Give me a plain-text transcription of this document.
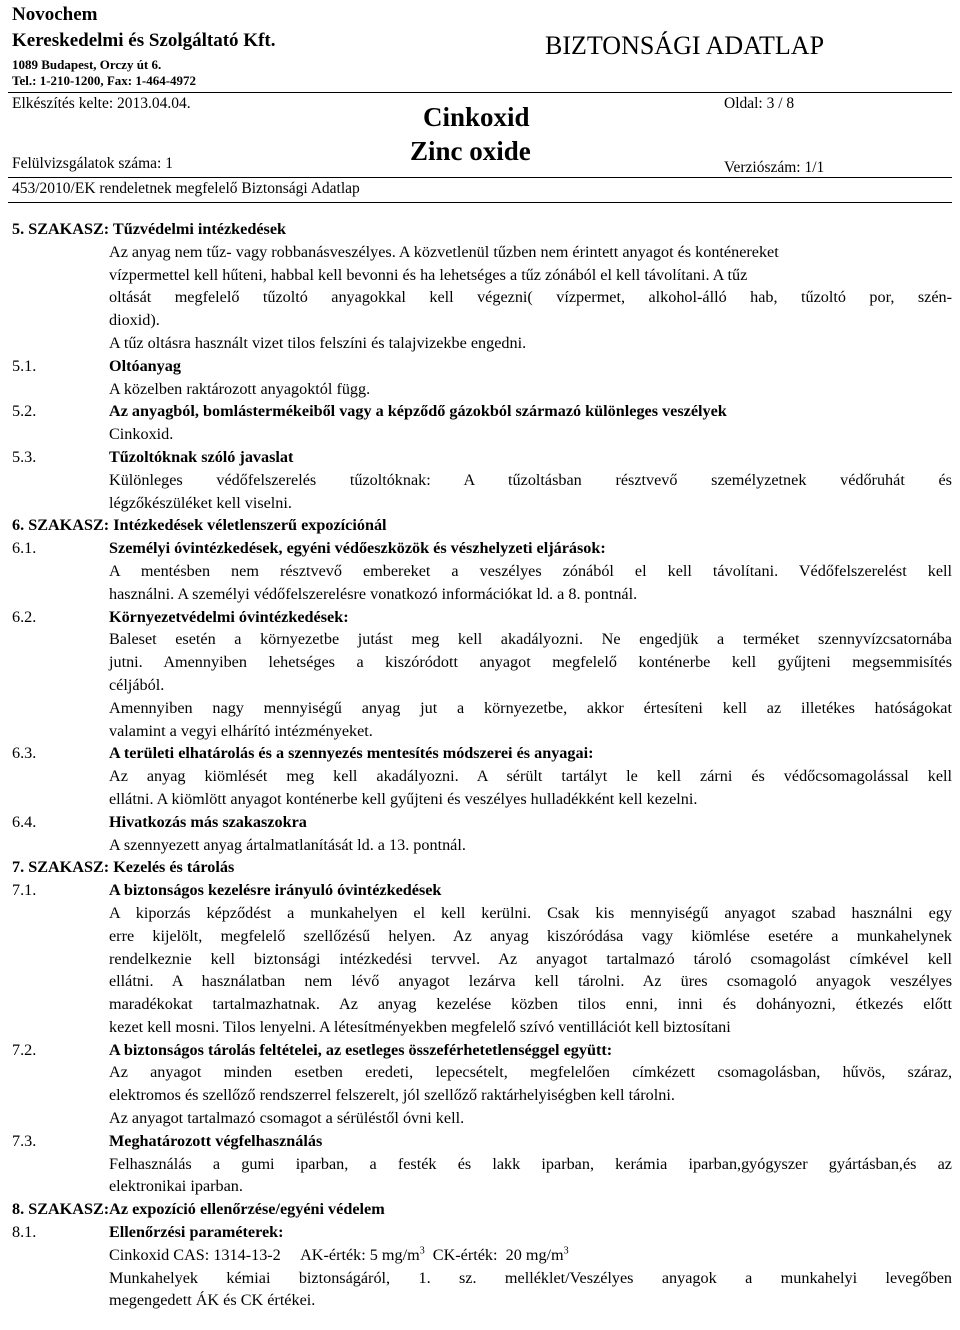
Novochem
Kereskedelmi és Szolgáltató Kft.
1089 Budapest, Orczy út 6.
Tel.: 1-210-1200, Fax: 1-464-4972
BIZTONSÁGI ADATLAP
Elkészítés kelte: 2013.04.04.	Cinkoxid	Oldal: 3 / 8
Felülvizsgálatok száma: 1	Zinc oxide
Verziószám: 1/1
453/2010/EK rendeletnek megfelelő Biztonsági Adatlap
5. SZAKASZ: Tűzvédelmi intézkedések
Az anyag nem tűz- vagy robbanásveszélyes. A közvetlenül tűzben nem érintett anyagot és konténereket
vízpermettel kell hűteni, habbal kell bevonni és ha lehetséges a tűz zónából el kell távolítani. A tűz
oltását megfelelő tűzoltó anyagokkal kell végezni( vízpermet, alkohol-álló hab, tűzoltó por, szén-
dioxid).
A tűz oltásra használt vizet tilos felszíni és talajvizekbe engedni.
5.1.	Oltóanyag
A közelben raktározott anyagoktól függ.
5.2.	Az anyagból, bomlástermékeiből vagy a képződő gázokból származó különleges veszélyek
Cinkoxid.
5.3.	Tűzoltóknak szóló javaslat
Különleges védőfelszerelés tűzoltóknak: A tűzoltásban résztvevő személyzetnek védőruhát és
légzőkészüléket kell viselni.
6. SZAKASZ: Intézkedések véletlenszerű expozíciónál
6.1.	Személyi óvintézkedések, egyéni védőeszközök és vészhelyzeti eljárások:
A mentésben nem résztvevő embereket a veszélyes zónából el kell távolítani. Védőfelszerelést kell
használni. A személyi védőfelszerelésre vonatkozó információkat ld. a 8. pontnál.
6.2.	Környezetvédelmi óvintézkedések:
Baleset esetén a környezetbe jutást meg kell akadályozni. Ne engedjük a terméket szennyvízcsatornába
jutni. Amennyiben lehetséges a kiszóródott anyagot megfelelő konténerbe kell gyűjteni megsemmisítés
céljából.
Amennyiben nagy mennyiségű anyag jut a környezetbe, akkor értesíteni kell az illetékes hatóságokat
valamint a vegyi elhárító intézményeket.
6.3.	A területi elhatárolás és a szennyezés mentesítés módszerei és anyagai:
Az anyag kiömlését meg kell akadályozni. A sérült tartályt le kell zárni és védőcsomagolással kell
ellátni. A kiömlött anyagot konténerbe kell gyűjteni és veszélyes hulladékként kell kezelni.
6.4.	Hivatkozás más szakaszokra
A szennyezett anyag ártalmatlanítását ld. a 13. pontnál.
7. SZAKASZ: Kezelés és tárolás
7.1.	A biztonságos kezelésre irányuló óvintézkedések
A kiporzás képződést a munkahelyen el kell kerülni. Csak kis mennyiségű anyagot szabad használni egy
erre kijelölt, megfelelő szellőzésű helyen. Az anyag kiszóródása vagy kiömlése esetére a munkahelynek
rendelkeznie kell biztonsági intézkedési tervvel. Az anyagot tartalmazó tároló csomagolást címkével kell
ellátni. A használatban nem lévő anyagot lezárva kell tárolni. Az üres csomagoló anyagok veszélyes
maradékokat tartalmazhatnak. Az anyag kezelése közben tilos enni, inni és dohányozni, étkezés előtt
kezet kell mosni. Tilos lenyelni. A létesítményekben megfelelő szívó ventillációt kell biztosítani
7.2.	A biztonságos tárolás feltételei, az esetleges összeférhetetlenséggel együtt:
Az anyagot minden esetben eredeti, lepecsételt, megfelelően címkézett csomagolásban, hűvös, száraz,
elektromos és szellőző rendszerrel felszerelt, jól szellőző raktárhelyiségben kell tárolni.
Az anyagot tartalmazó csomagot a sérüléstől óvni kell.
7.3.	Meghatározott végfelhasználás
Felhasználás a gumi iparban, a festék és lakk iparban, kerámia iparban,gyógyszer gyártásban,és az
elektronikai iparban.
8. SZAKASZ:Az expozíció ellenőrzése/egyéni védelem
8.1.	Ellenőrzési paraméterek:
Cinkoxid CAS: 1314-13-2     AK-érték: 5 $mg/m^3$  CK-érték:  20 $mg/m^3$
Munkahelyek kémiai biztonságáról, 1. sz. melléklet/Veszélyes anyagok a munkahelyi levegőben
megengedett ÁK és CK értékei.
